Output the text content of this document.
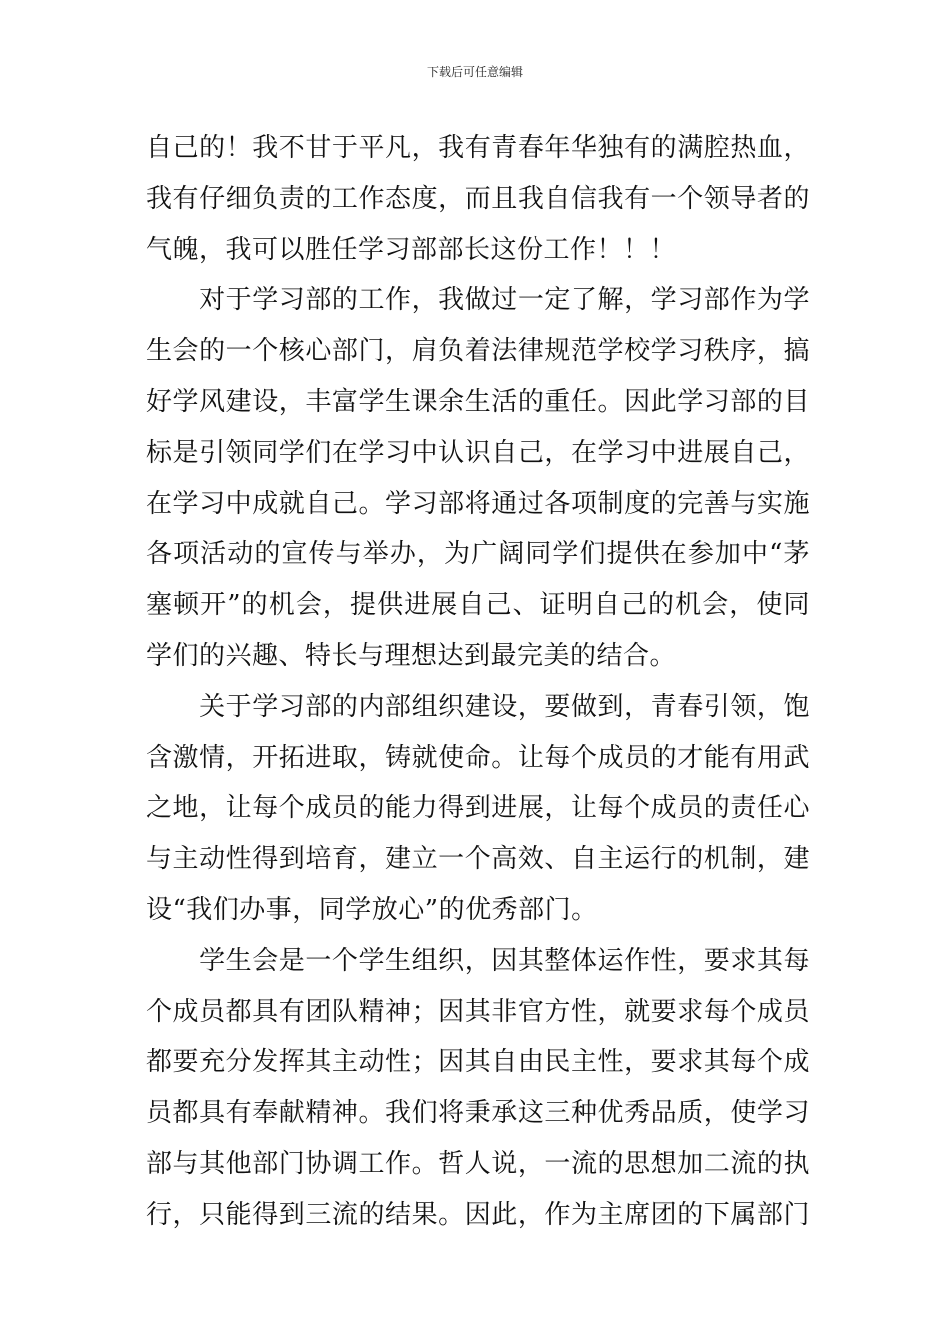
下载后可任意编辑
自己的！我不甘于平凡，我有青春年华独有的满腔热血，
我有仔细负责的工作态度，而且我自信我有一个领导者的
气魄，我可以胜任学习部部长这份工作！！！
　　对于学习部的工作，我做过一定了解，学习部作为学
生会的一个核心部门，肩负着法律规范学校学习秩序，搞
好学风建设，丰富学生课余生活的重任。因此学习部的目
标是引领同学们在学习中认识自己，在学习中进展自己，
在学习中成就自己。学习部将通过各项制度的完善与实施
各项活动的宣传与举办，为广阔同学们提供在参加中“茅
塞顿开”的机会，提供进展自己、证明自己的机会，使同
学们的兴趣、特长与理想达到最完美的结合。
　　关于学习部的内部组织建设，要做到，青春引领，饱
含激情，开拓进取，铸就使命。让每个成员的才能有用武
之地，让每个成员的能力得到进展，让每个成员的责任心
与主动性得到培育，建立一个高效、自主运行的机制，建
设“我们办事，同学放心”的优秀部门。
　　学生会是一个学生组织，因其整体运作性，要求其每
个成员都具有团队精神；因其非官方性，就要求每个成员
都要充分发挥其主动性；因其自由民主性，要求其每个成
员都具有奉献精神。我们将秉承这三种优秀品质，使学习
部与其他部门协调工作。哲人说，一流的思想加二流的执
行，只能得到三流的结果。因此，作为主席团的下属部门
